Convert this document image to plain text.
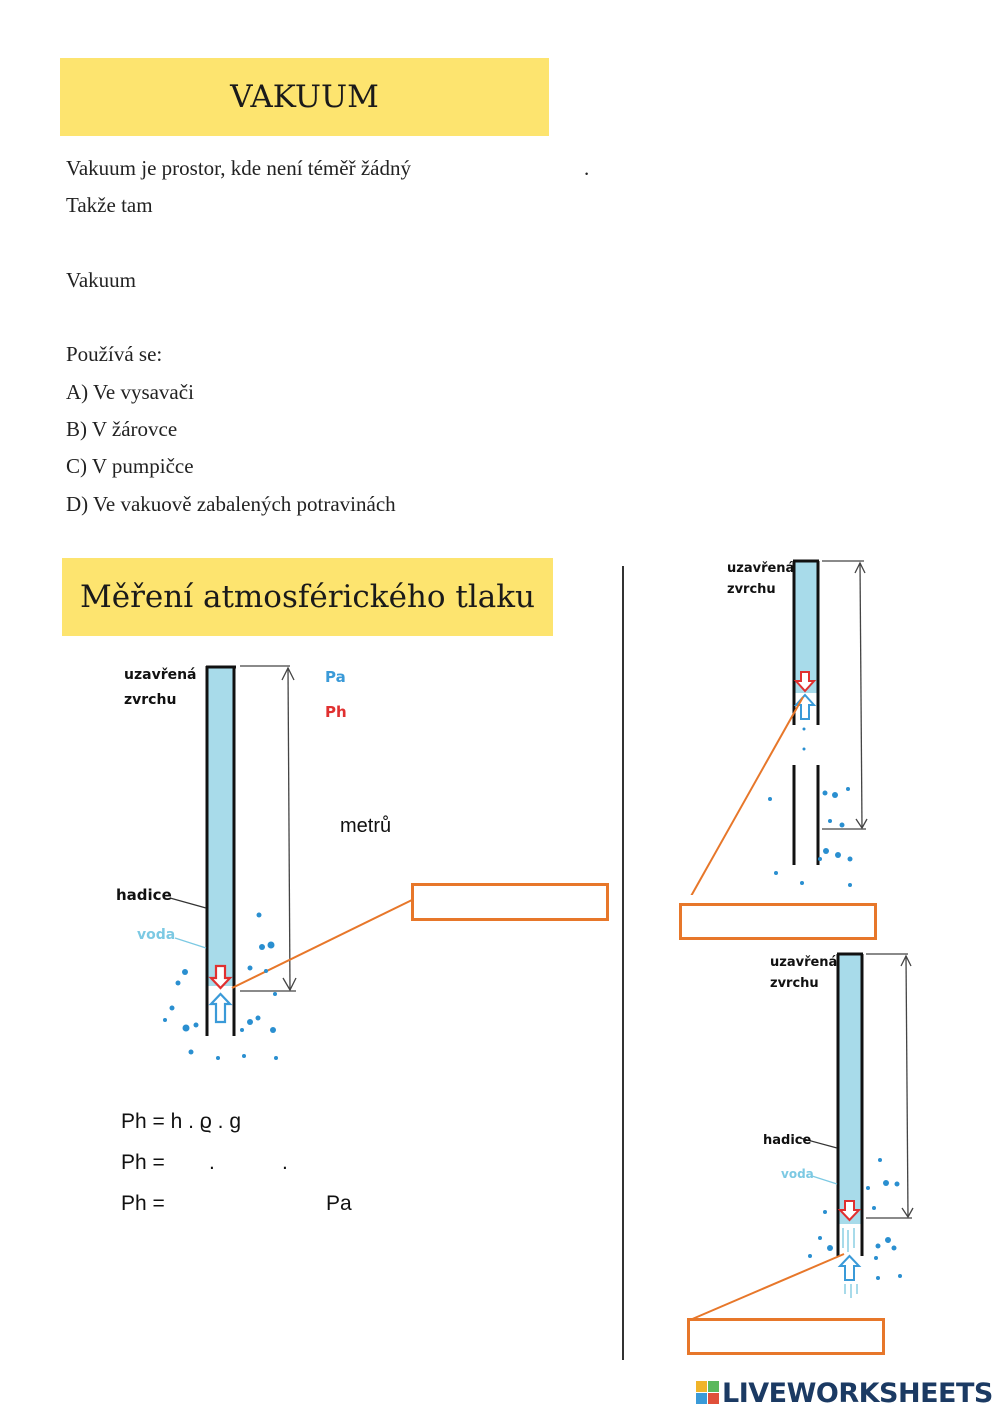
VAKUUM
Vakuum je prostor, kde není téměř žádný	.
Takže tam
Vakuum
Používá se:
A) Ve vysavači
B) V žárovce
C) V pumpičce
D) Ve vakuově zabalených potravinách
Měření atmosférického tlaku
uzavřená
zvrchu
Pa
Ph
hadice
voda
metrů
uzavřená
zvrchu
uzavřená
zvrchu
hadice
voda
Ph = h . ϱ . g
Ph = .	.
Ph =	Pa
LIVEWORKSHEETS
